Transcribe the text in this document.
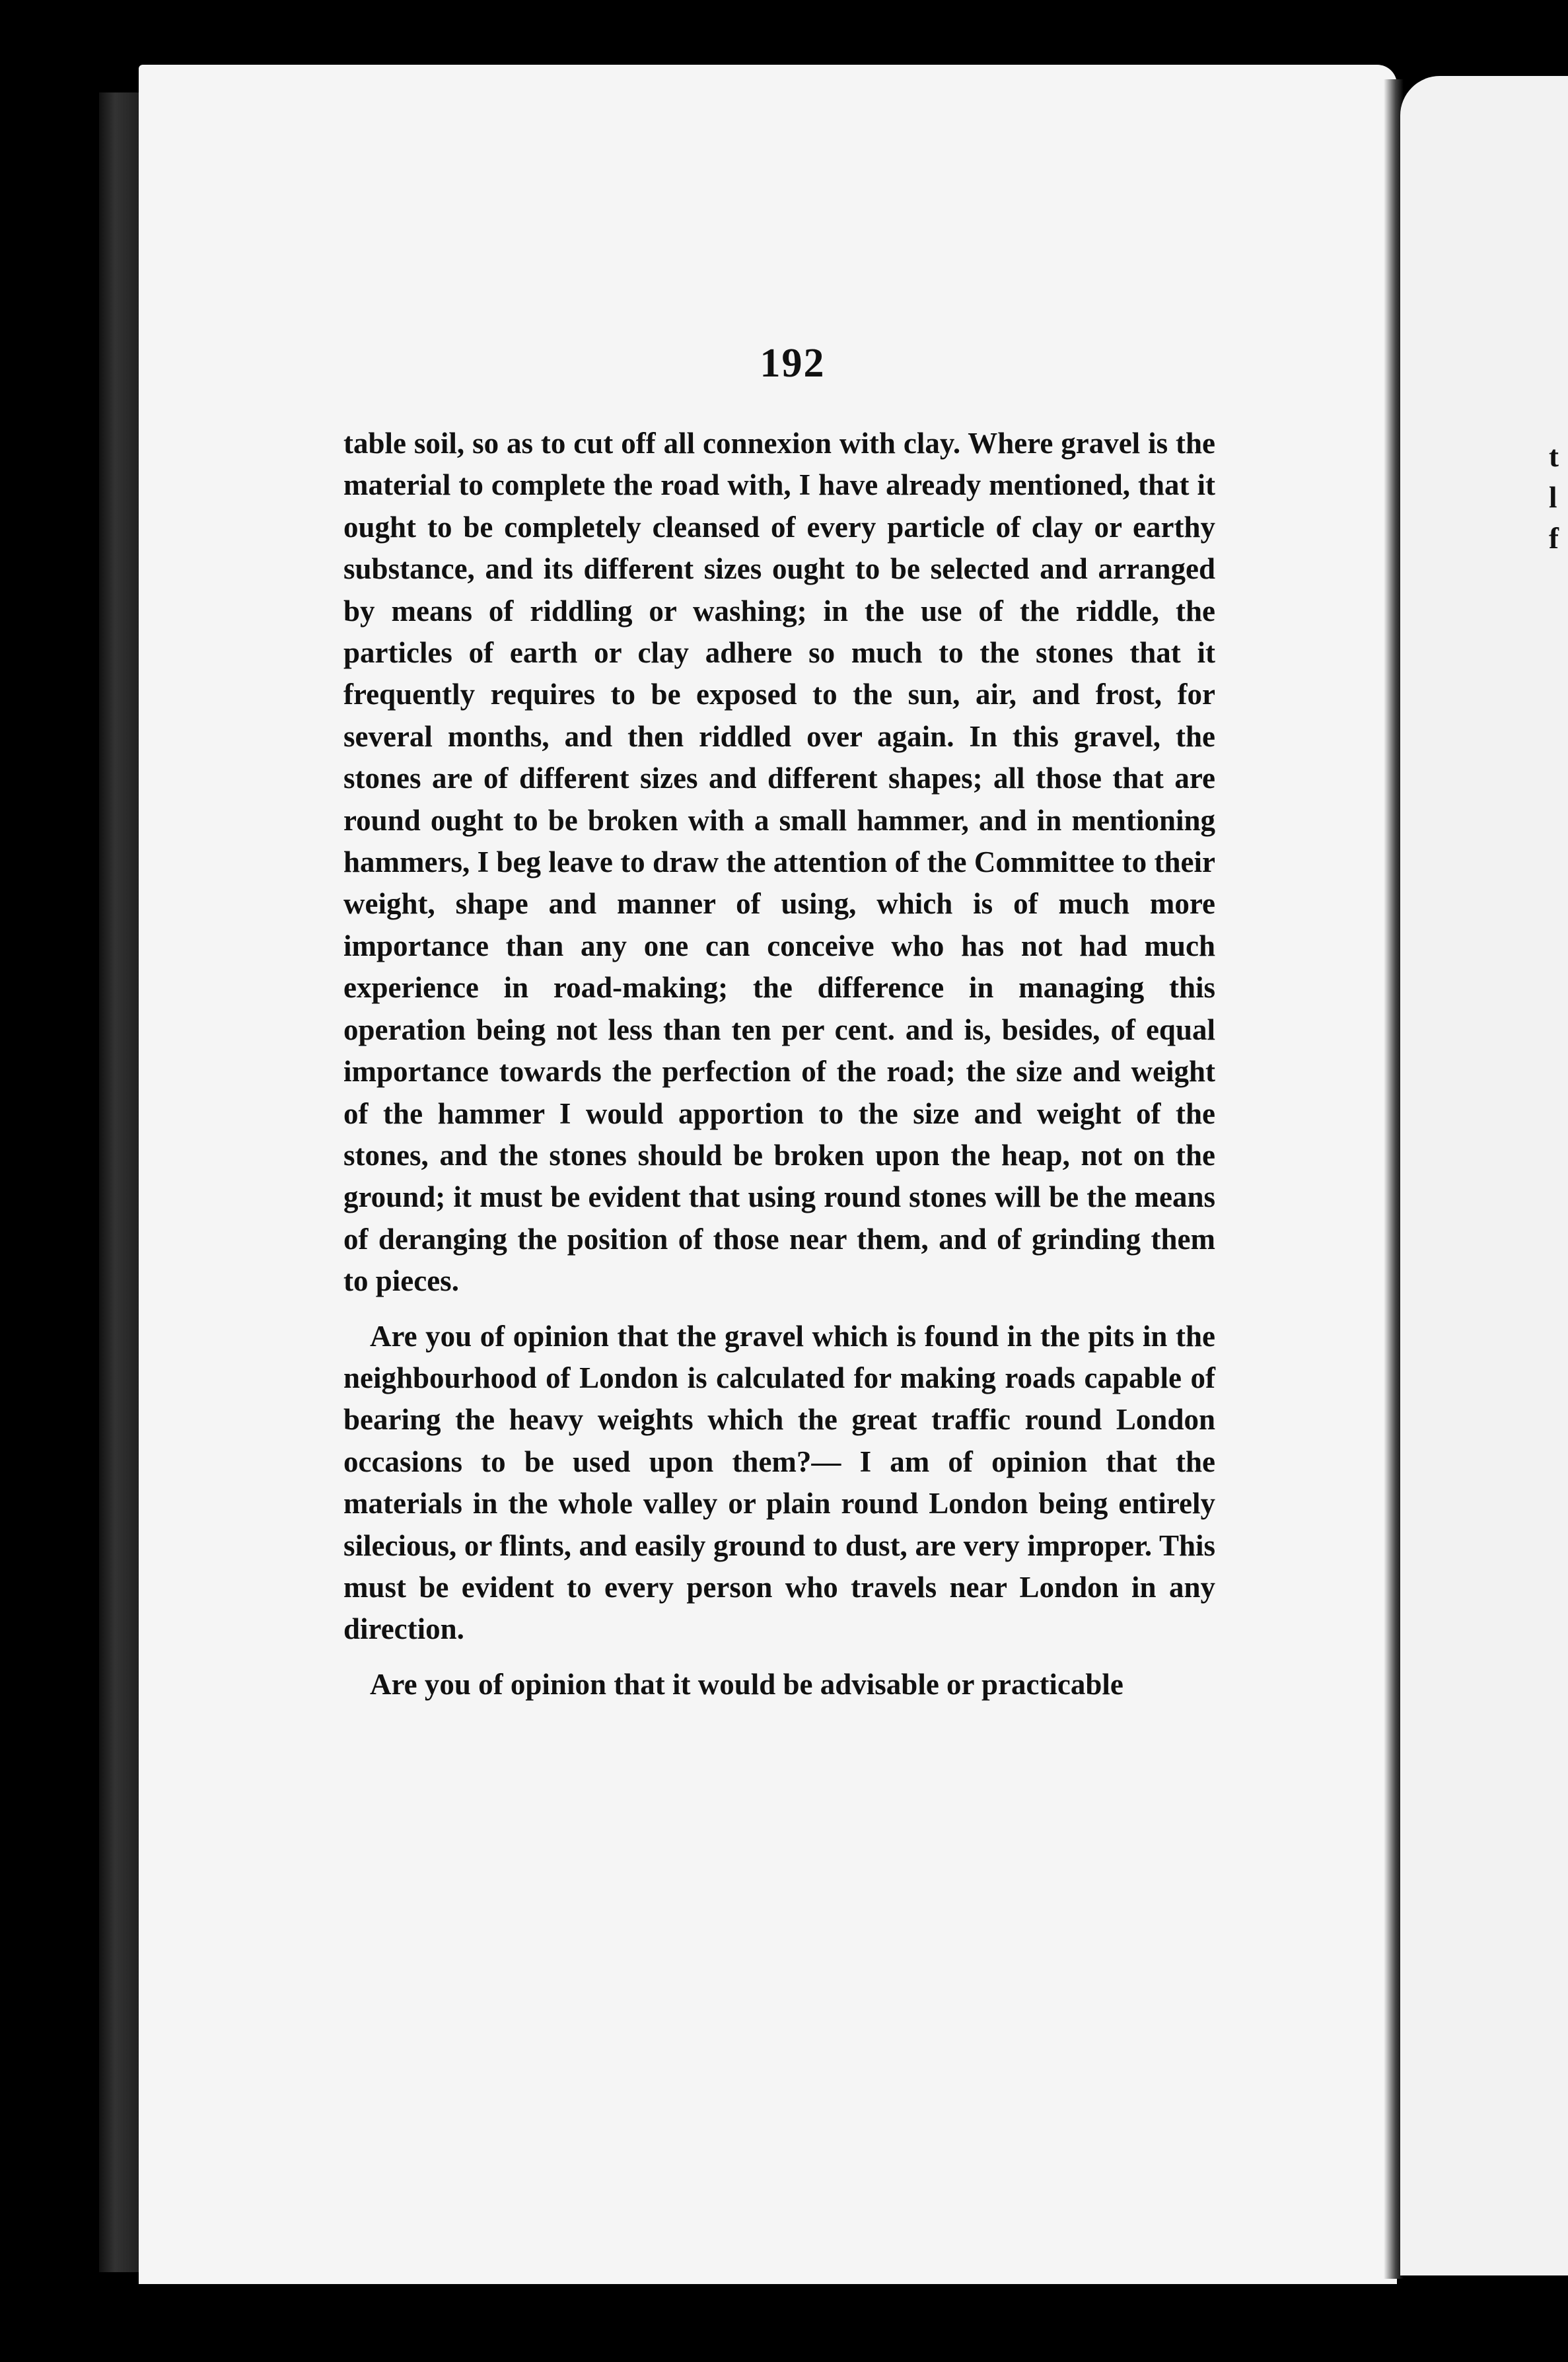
192

table soil, so as to cut off all connexion with clay. Where gravel is the material to complete the road with, I have already mentioned, that it ought to be completely cleansed of every particle of clay or earthy substance, and its different sizes ought to be selected and arranged by means of riddling or washing; in the use of the riddle, the particles of earth or clay adhere so much to the stones that it frequently requires to be exposed to the sun, air, and frost, for several months, and then riddled over again. In this gravel, the stones are of different sizes and different shapes; all those that are round ought to be broken with a small hammer, and in mentioning hammers, I beg leave to draw the attention of the Committee to their weight, shape and manner of using, which is of much more importance than any one can conceive who has not had much experience in road-making; the difference in managing this operation being not less than ten per cent. and is, besides, of equal importance towards the perfection of the road; the size and weight of the hammer I would apportion to the size and weight of the stones, and the stones should be broken upon the heap, not on the ground; it must be evident that using round stones will be the means of deranging the position of those near them, and of grinding them to pieces.

Are you of opinion that the gravel which is found in the pits in the neighbourhood of London is calculated for making roads capable of bearing the heavy weights which the great traffic round London occasions to be used upon them?— I am of opinion that the materials in the whole valley or plain round London being entirely silecious, or flints, and easily ground to dust, are very improper. This must be evident to every person who travels near London in any direction.

Are you of opinion that it would be advisable or practicable

t
l
f
